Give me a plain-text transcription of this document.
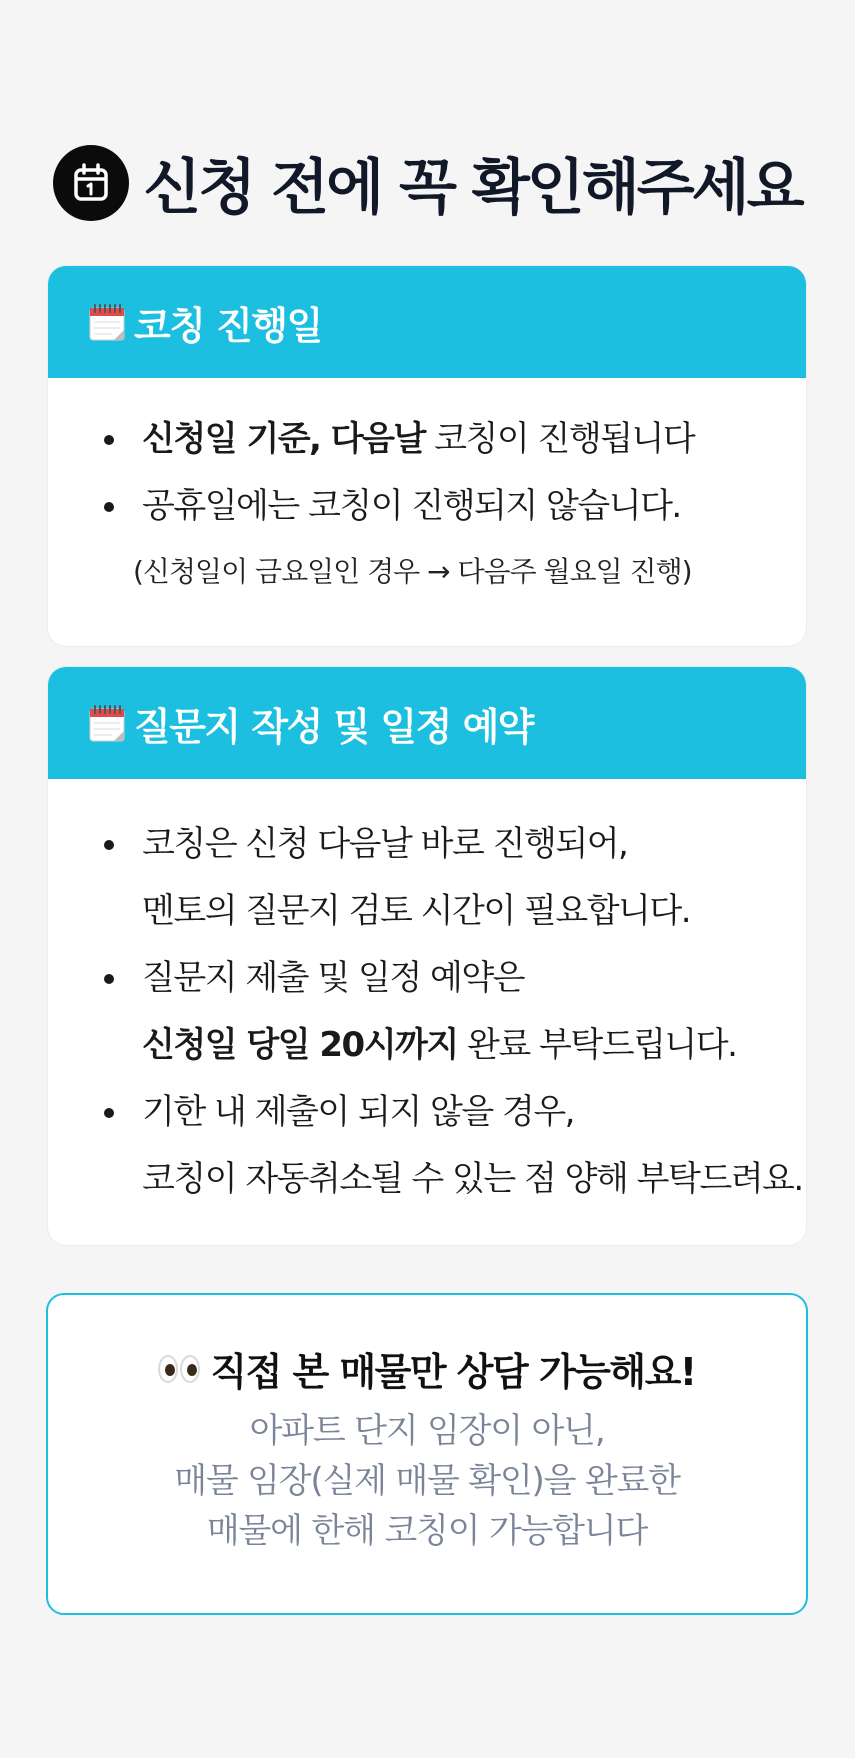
신청 전에 꼭 확인해주세요
코칭 진행일
신청일 기준, 다음날 코칭이 진행됩니다
공휴일에는 코칭이 진행되지 않습니다.
(신청일이 금요일인 경우 → 다음주 월요일 진행)
질문지 작성 및 일정 예약
코칭은 신청 다음날 바로 진행되어,
멘토의 질문지 검토 시간이 필요합니다.
질문지 제출 및 일정 예약은
신청일 당일 20시까지 완료 부탁드립니다.
기한 내 제출이 되지 않을 경우,
코칭이 자동취소될 수 있는 점 양해 부탁드려요.
직접 본 매물만 상담 가능해요!
아파트 단지 임장이 아닌,
매물 임장(실제 매물 확인)을 완료한
매물에 한해 코칭이 가능합니다
